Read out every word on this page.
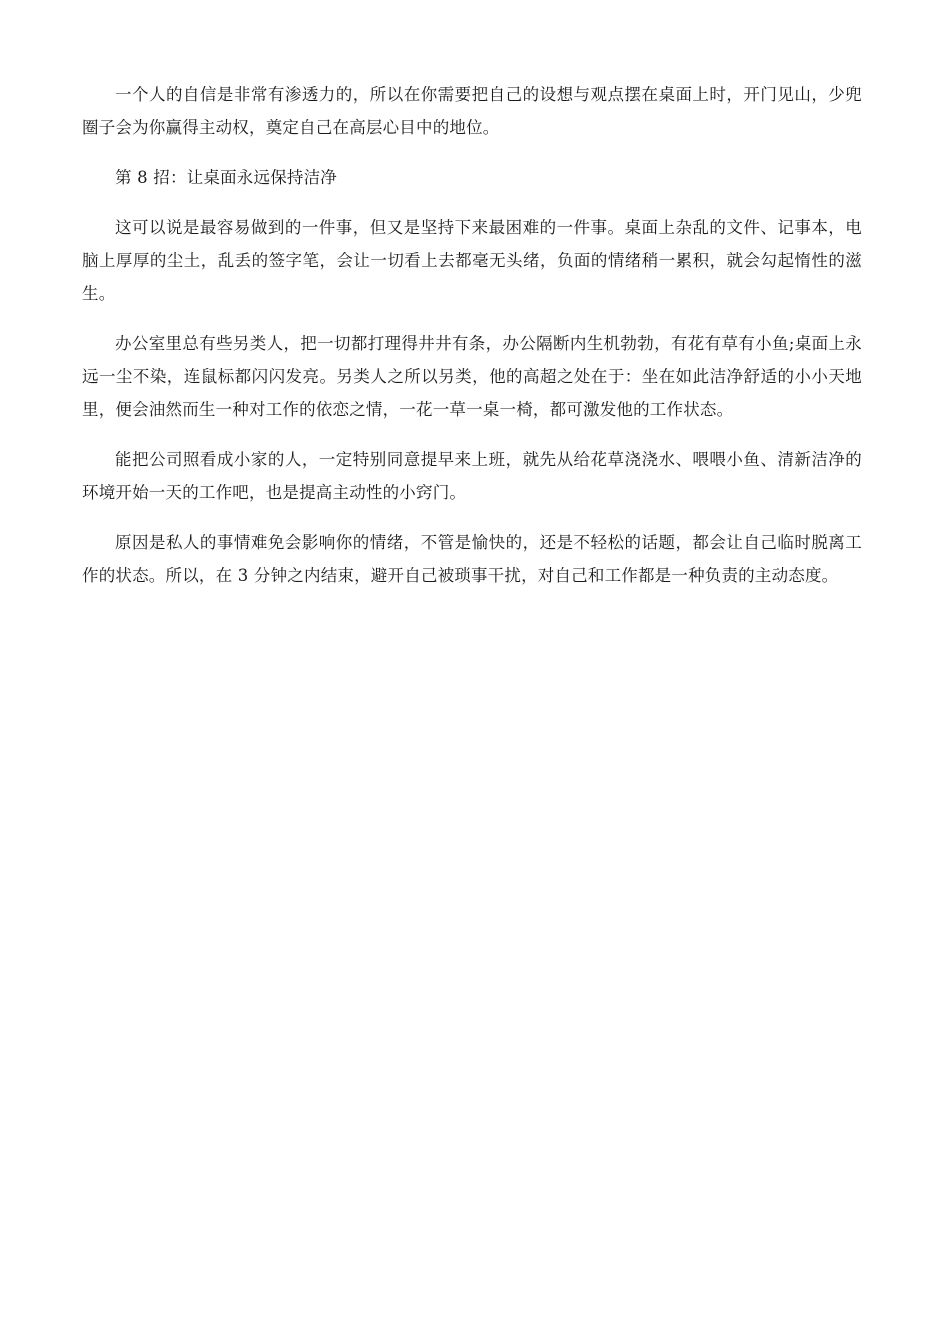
一个人的自信是非常有渗透力的，所以在你需要把自己的设想与观点摆在桌面上时，开门见山，少兜圈子会为你赢得主动权，奠定自己在高层心目中的地位。

第 8 招：让桌面永远保持洁净

这可以说是最容易做到的一件事，但又是坚持下来最困难的一件事。桌面上杂乱的文件、记事本，电脑上厚厚的尘土，乱丢的签字笔，会让一切看上去都毫无头绪，负面的情绪稍一累积，就会勾起惰性的滋生。

办公室里总有些另类人，把一切都打理得井井有条，办公隔断内生机勃勃，有花有草有小鱼;桌面上永远一尘不染，连鼠标都闪闪发亮。另类人之所以另类，他的高超之处在于：坐在如此洁净舒适的小小天地里，便会油然而生一种对工作的依恋之情，一花一草一桌一椅，都可激发他的工作状态。

能把公司照看成小家的人，一定特别同意提早来上班，就先从给花草浇浇水、喂喂小鱼、清新洁净的环境开始一天的工作吧，也是提高主动性的小窍门。

原因是私人的事情难免会影响你的情绪，不管是愉快的，还是不轻松的话题，都会让自己临时脱离工作的状态。所以，在 3 分钟之内结束，避开自己被琐事干扰，对自己和工作都是一种负责的主动态度。
